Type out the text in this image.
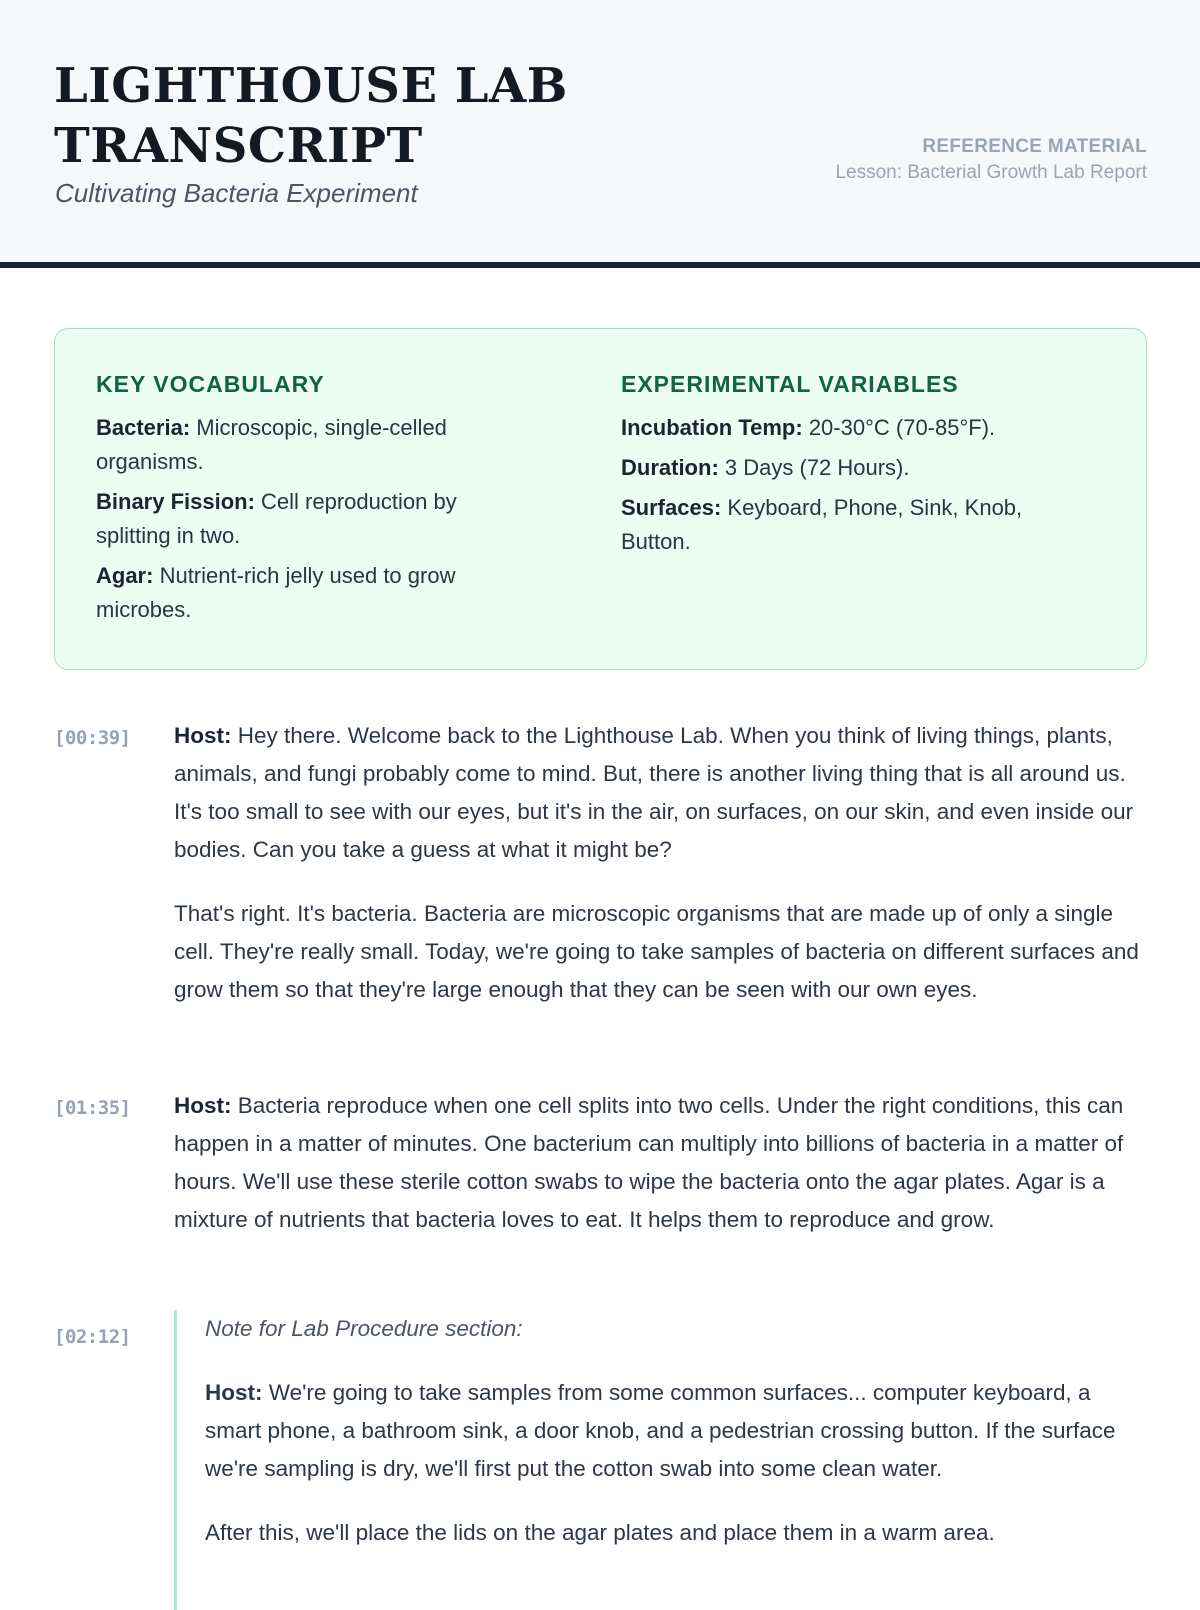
LIGHTHOUSE LAB
TRANSCRIPT
Cultivating Bacteria Experiment
REFERENCE MATERIAL
Lesson: Bacterial Growth Lab Report
KEY VOCABULARY

Bacteria: Microscopic, single-celled organisms.

Binary Fission: Cell reproduction by splitting in two.

Agar: Nutrient-rich jelly used to grow microbes.

EXPERIMENTAL VARIABLES

Incubation Temp: 20-30°C (70-85°F).

Duration: 3 Days (72 Hours).

Surfaces: Keyboard, Phone, Sink, Knob, Button.

[00:39] Host: Hey there. Welcome back to the Lighthouse Lab. When you think of living things, plants, animals, and fungi probably come to mind. But, there is another living thing that is all around us. It's too small to see with our eyes, but it's in the air, on surfaces, on our skin, and even inside our bodies. Can you take a guess at what it might be?

That's right. It's bacteria. Bacteria are microscopic organisms that are made up of only a single cell. They're really small. Today, we're going to take samples of bacteria on different surfaces and grow them so that they're large enough that they can be seen with our own eyes.

[01:35] Host: Bacteria reproduce when one cell splits into two cells. Under the right conditions, this can happen in a matter of minutes. One bacterium can multiply into billions of bacteria in a matter of hours. We'll use these sterile cotton swabs to wipe the bacteria onto the agar plates. Agar is a mixture of nutrients that bacteria loves to eat. It helps them to reproduce and grow.

[02:12]	Note for Lab Procedure section:

Host: We're going to take samples from some common surfaces... computer keyboard, a smart phone, a bathroom sink, a door knob, and a pedestrian crossing button. If the surface we're sampling is dry, we'll first put the cotton swab into some clean water.

After this, we'll place the lids on the agar plates and place them in a warm area.
